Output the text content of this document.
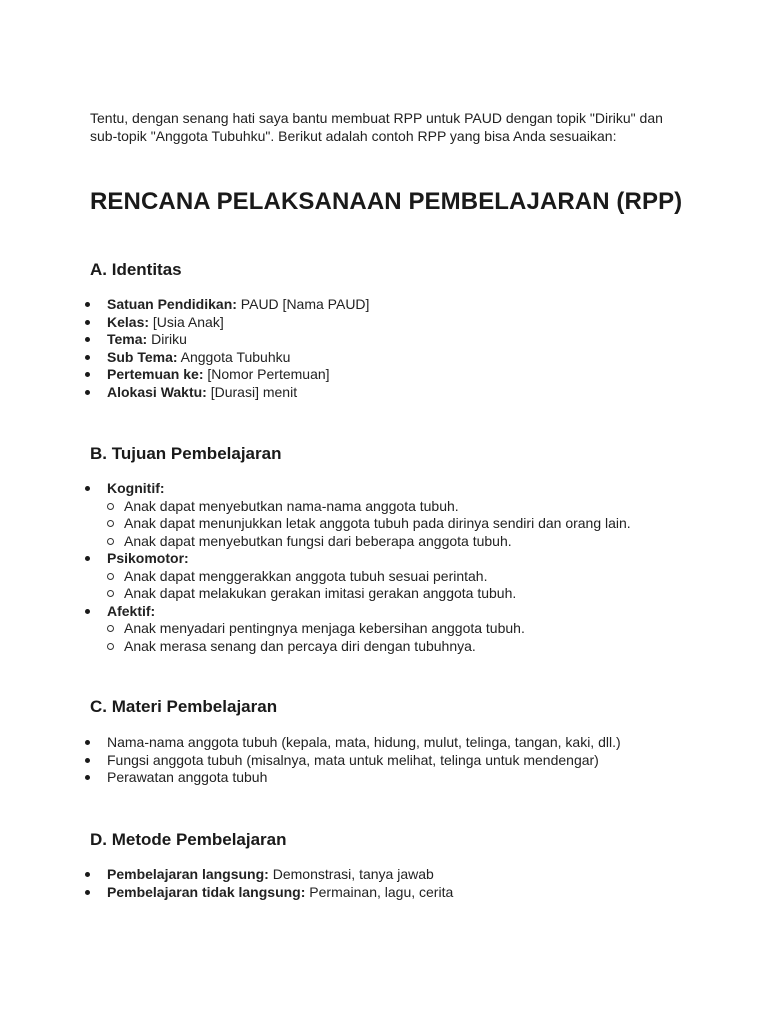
Tentu, dengan senang hati saya bantu membuat RPP untuk PAUD dengan topik "Diriku" dan sub-topik "Anggota Tubuhku". Berikut adalah contoh RPP yang bisa Anda sesuaikan:

RENCANA PELAKSANAAN PEMBELAJARAN (RPP)
A. Identitas
Satuan Pendidikan: PAUD [Nama PAUD]
Kelas: [Usia Anak]
Tema: Diriku
Sub Tema: Anggota Tubuhku
Pertemuan ke: [Nomor Pertemuan]
Alokasi Waktu: [Durasi] menit
B. Tujuan Pembelajaran
Kognitif:
Anak dapat menyebutkan nama-nama anggota tubuh.
Anak dapat menunjukkan letak anggota tubuh pada dirinya sendiri dan orang lain.
Anak dapat menyebutkan fungsi dari beberapa anggota tubuh.
Psikomotor:
Anak dapat menggerakkan anggota tubuh sesuai perintah.
Anak dapat melakukan gerakan imitasi gerakan anggota tubuh.
Afektif:
Anak menyadari pentingnya menjaga kebersihan anggota tubuh.
Anak merasa senang dan percaya diri dengan tubuhnya.
C. Materi Pembelajaran
Nama-nama anggota tubuh (kepala, mata, hidung, mulut, telinga, tangan, kaki, dll.)
Fungsi anggota tubuh (misalnya, mata untuk melihat, telinga untuk mendengar)
Perawatan anggota tubuh
D. Metode Pembelajaran
Pembelajaran langsung: Demonstrasi, tanya jawab
Pembelajaran tidak langsung: Permainan, lagu, cerita
